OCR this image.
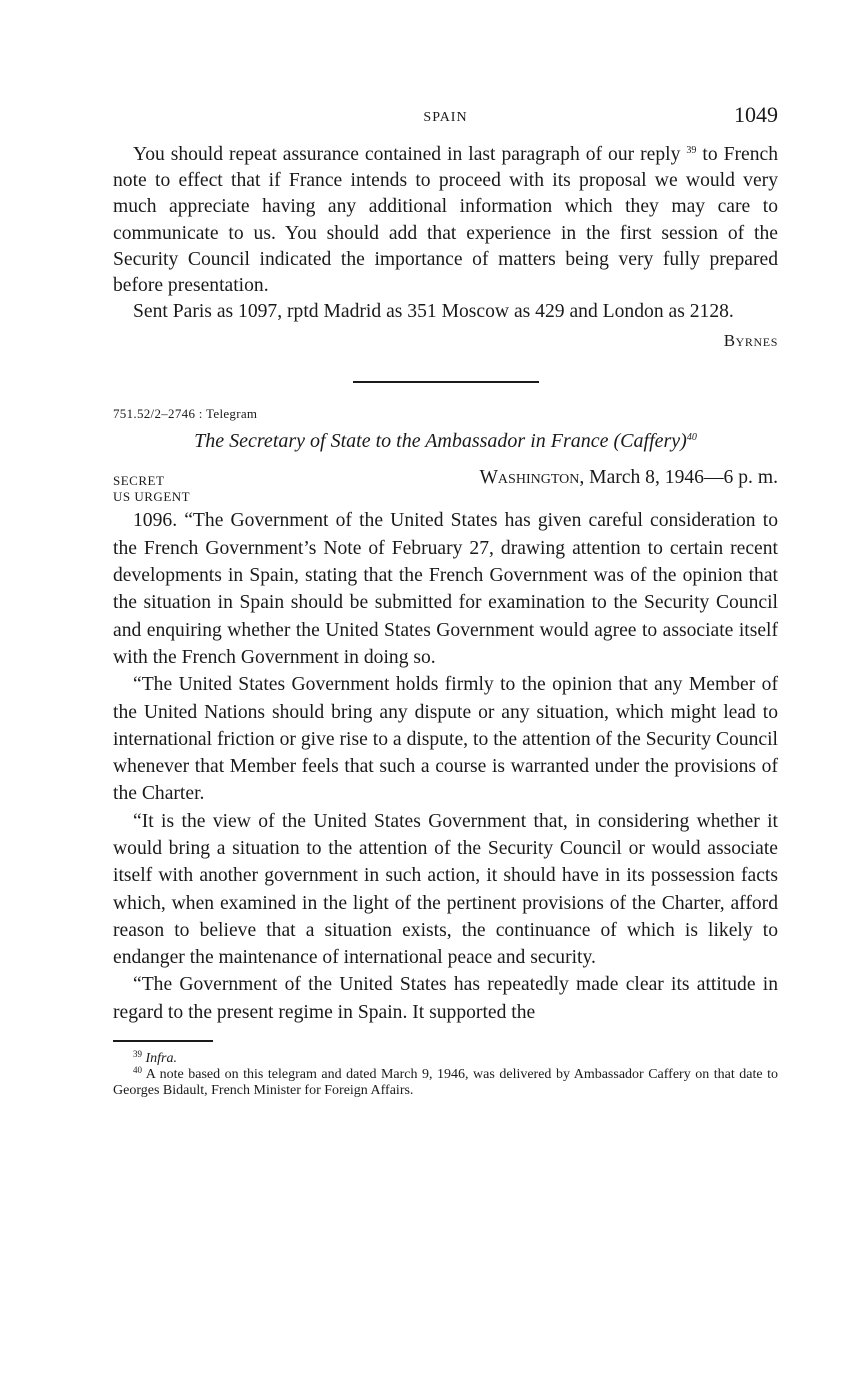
SPAIN	1049

You should repeat assurance contained in last paragraph of our reply $^{39}$ to French note to effect that if France intends to proceed with its proposal we would very much appreciate having any additional information which they may care to communicate to us. You should add that experience in the first session of the Security Council indicated the importance of matters being very fully prepared before presentation.

Sent Paris as 1097, rptd Madrid as 351 Moscow as 429 and London as 2128.

Byrnes
751.52/2–2746 : Telegram
The Secretary of State to the Ambassador in France (Caffery)$^{40}$
SECRET	Washington, March 8, 1946—6 p. m.
US URGENT

1096. “The Government of the United States has given careful consideration to the French Government’s Note of February 27, drawing attention to certain recent developments in Spain, stating that the French Government was of the opinion that the situation in Spain should be submitted for examination to the Security Council and enquiring whether the United States Government would agree to associate itself with the French Government in doing so.

“The United States Government holds firmly to the opinion that any Member of the United Nations should bring any dispute or any situation, which might lead to international friction or give rise to a dispute, to the attention of the Security Council whenever that Member feels that such a course is warranted under the provisions of the Charter.

“It is the view of the United States Government that, in considering whether it would bring a situation to the attention of the Security Council or would associate itself with another government in such action, it should have in its possession facts which, when examined in the light of the pertinent provisions of the Charter, afford reason to believe that a situation exists, the continuance of which is likely to endanger the maintenance of international peace and security.

“The Government of the United States has repeatedly made clear its attitude in regard to the present regime in Spain. It supported the

$^{39}$ Infra.
$^{40}$ A note based on this telegram and dated March 9, 1946, was delivered by Ambassador Caffery on that date to Georges Bidault, French Minister for Foreign Affairs.
